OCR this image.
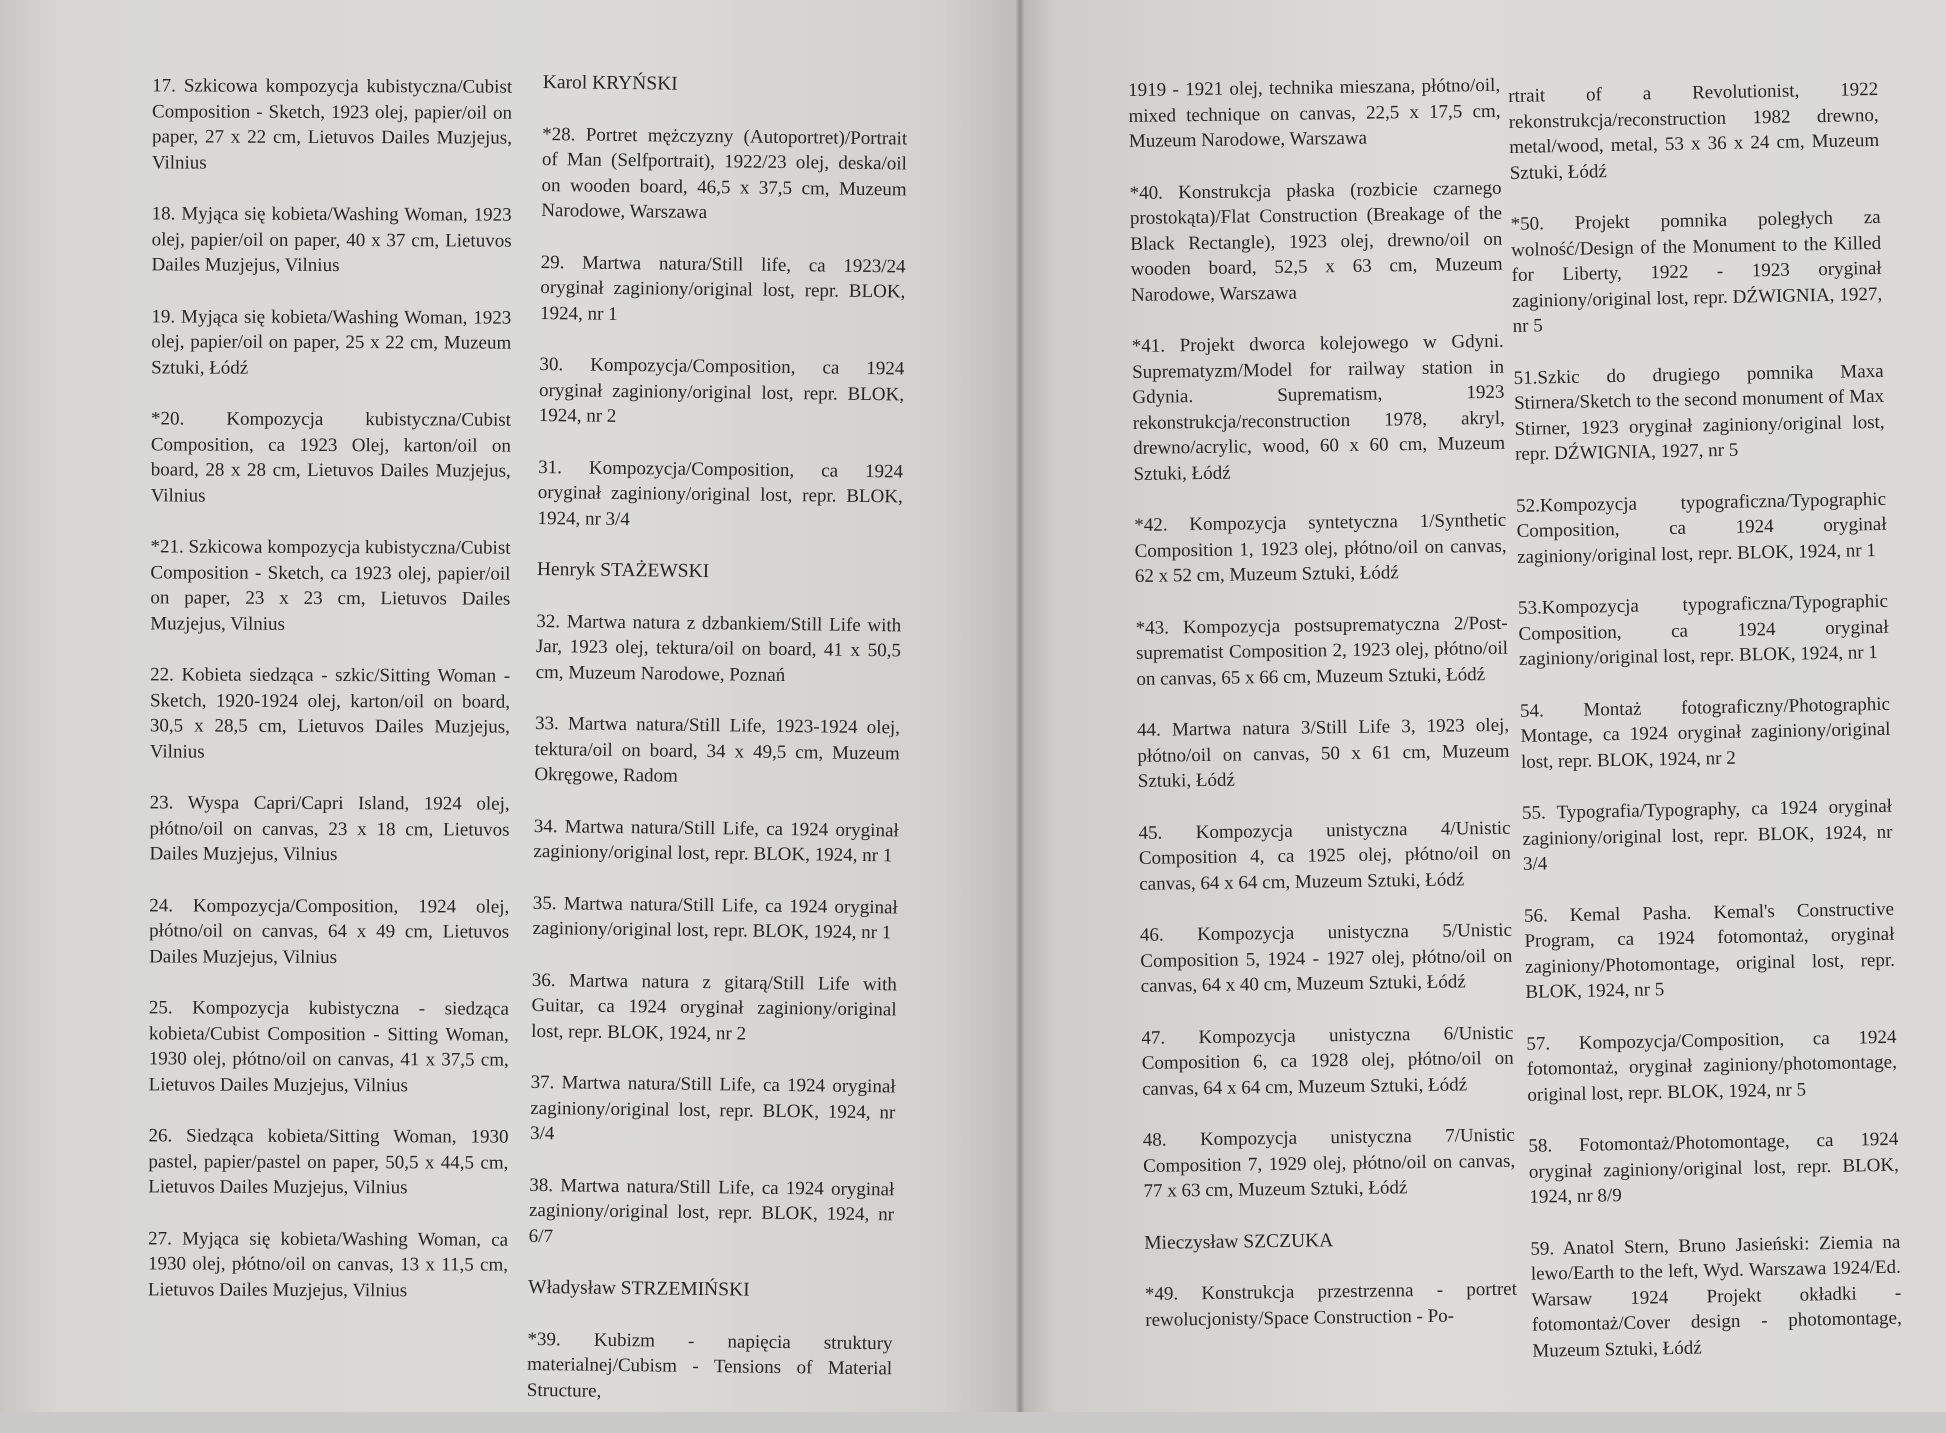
17. Szkicowa kompozycja kubistyczna/Cubist Composition - Sketch, 1923 olej, papier/oil on paper, 27 x 22 cm, Lietuvos Dailes Muzjejus, Vilnius
18. Myjąca się kobieta/Washing Woman, 1923 olej, papier/oil on paper, 40 x 37 cm, Lietuvos Dailes Muzjejus, Vilnius
19. Myjąca się kobieta/Washing Woman, 1923 olej, papier/oil on paper, 25 x 22 cm, Muzeum Sztuki, Łódź
*20. Kompozycja kubistyczna/Cubist Composition, ca 1923 Olej, karton/oil on board, 28 x 28 cm, Lietuvos Dailes Muzjejus, Vilnius
*21. Szkicowa kompozycja kubistyczna/Cubist Composition - Sketch, ca 1923 olej, papier/oil on paper, 23 x 23 cm, Lietuvos Dailes Muzjejus, Vilnius
22. Kobieta siedząca - szkic/Sitting Woman - Sketch, 1920-1924 olej, karton/oil on board, 30,5 x 28,5 cm, Lietuvos Dailes Muzjejus, Vilnius
23. Wyspa Capri/Capri Island, 1924 olej, płótno/oil on canvas, 23 x 18 cm, Lietuvos Dailes Muzjejus, Vilnius
24. Kompozycja/Composition, 1924 olej, płótno/oil on canvas, 64 x 49 cm, Lietuvos Dailes Muzjejus, Vilnius
25. Kompozycja kubistyczna - siedząca kobieta/Cubist Composition - Sitting Woman, 1930 olej, płótno/oil on canvas, 41 x 37,5 cm, Lietuvos Dailes Muzjejus, Vilnius
26. Siedząca kobieta/Sitting Woman, 1930 pastel, papier/pastel on paper, 50,5 x 44,5 cm, Lietuvos Dailes Muzjejus, Vilnius
27. Myjąca się kobieta/Washing Woman, ca 1930 olej, płótno/oil on canvas, 13 x 11,5 cm, Lietuvos Dailes Muzjejus, Vilnius
Karol KRYŃSKI
*28. Portret mężczyzny (Autoportret)/Portrait of Man (Selfportrait), 1922/23 olej, deska/oil on wooden board, 46,5 x 37,5 cm, Muzeum Narodowe, Warszawa
29. Martwa natura/Still life, ca 1923/24 oryginał zaginiony/original lost, repr. BLOK, 1924, nr 1
30. Kompozycja/Composition, ca 1924 oryginał zaginiony/original lost, repr. BLOK, 1924, nr 2
31. Kompozycja/Composition, ca 1924 oryginał zaginiony/original lost, repr. BLOK, 1924, nr 3/4
Henryk STAŻEWSKI
32. Martwa natura z dzbankiem/Still Life with Jar, 1923 olej, tektura/oil on board, 41 x 50,5 cm, Muzeum Narodowe, Poznań
33. Martwa natura/Still Life, 1923-1924 olej, tektura/oil on board, 34 x 49,5 cm, Muzeum Okręgowe, Radom
34. Martwa natura/Still Life, ca 1924 oryginał zaginiony/original lost, repr. BLOK, 1924, nr 1
35. Martwa natura/Still Life, ca 1924 oryginał zaginiony/original lost, repr. BLOK, 1924, nr 1
36. Martwa natura z gitarą/Still Life with Guitar, ca 1924 oryginał zaginiony/original lost, repr. BLOK, 1924, nr 2
37. Martwa natura/Still Life, ca 1924 oryginał zaginiony/original lost, repr. BLOK, 1924, nr 3/4
38. Martwa natura/Still Life, ca 1924 oryginał zaginiony/original lost, repr. BLOK, 1924, nr 6/7
Władysław STRZEMIŃSKI
*39. Kubizm - napięcia struktury materialnej/Cubism - Tensions of Material Structure,
1919 - 1921 olej, technika mieszana, płótno/oil, mixed technique on canvas, 22,5 x 17,5 cm, Muzeum Narodowe, Warszawa
*40. Konstrukcja płaska (rozbicie czarnego prostokąta)/Flat Construction (Breakage of the Black Rectangle), 1923 olej, drewno/oil on wooden board, 52,5 x 63 cm, Muzeum Narodowe, Warszawa
*41. Projekt dworca kolejowego w Gdyni. Suprematyzm/Model for railway station in Gdynia. Suprematism, 1923 rekonstrukcja/reconstruction 1978, akryl, drewno/acrylic, wood, 60 x 60 cm, Muzeum Sztuki, Łódź
*42. Kompozycja syntetyczna 1/Synthetic Composition 1, 1923 olej, płótno/oil on canvas, 62 x 52 cm, Muzeum Sztuki, Łódź
*43. Kompozycja postsuprematyczna 2/Post-suprematist Composition 2, 1923 olej, płótno/oil on canvas, 65 x 66 cm, Muzeum Sztuki, Łódź
44. Martwa natura 3/Still Life 3, 1923 olej, płótno/oil on canvas, 50 x 61 cm, Muzeum Sztuki, Łódź
45. Kompozycja unistyczna 4/Unistic Composition 4, ca 1925 olej, płótno/oil on canvas, 64 x 64 cm, Muzeum Sztuki, Łódź
46. Kompozycja unistyczna 5/Unistic Composition 5, 1924 - 1927 olej, płótno/oil on canvas, 64 x 40 cm, Muzeum Sztuki, Łódź
47. Kompozycja unistyczna 6/Unistic Composition 6, ca 1928 olej, płótno/oil on canvas, 64 x 64 cm, Muzeum Sztuki, Łódź
48. Kompozycja unistyczna 7/Unistic Composition 7, 1929 olej, płótno/oil on canvas, 77 x 63 cm, Muzeum Sztuki, Łódź
Mieczysław SZCZUKA
*49. Konstrukcja przestrzenna - portret rewolucjonisty/Space Construction - Po-
rtrait of a Revolutionist, 1922 rekonstrukcja/reconstruction 1982 drewno, metal/wood, metal, 53 x 36 x 24 cm, Muzeum Sztuki, Łódź
*50. Projekt pomnika poległych za wolność/Design of the Monument to the Killed for Liberty, 1922 - 1923 oryginał zaginiony/original lost, repr. DŹWIGNIA, 1927, nr 5
51.Szkic do drugiego pomnika Maxa Stirnera/Sketch to the second monument of Max Stirner, 1923 oryginał zaginiony/original lost, repr. DŹWIGNIA, 1927, nr 5
52.Kompozycja typograficzna/Typographic Composition, ca 1924 oryginał zaginiony/original lost, repr. BLOK, 1924, nr 1
53.Kompozycja typograficzna/Typographic Composition, ca 1924 oryginał zaginiony/original lost, repr. BLOK, 1924, nr 1
54. Montaż fotograficzny/Photographic Montage, ca 1924 oryginał zaginiony/original lost, repr. BLOK, 1924, nr 2
55. Typografia/Typography, ca 1924 oryginał zaginiony/original lost, repr. BLOK, 1924, nr 3/4
56. Kemal Pasha. Kemal's Constructive Program, ca 1924 fotomontaż, oryginał zaginiony/Photomontage, original lost, repr. BLOK, 1924, nr 5
57. Kompozycja/Composition, ca 1924 fotomontaż, oryginał zaginiony/photomontage, original lost, repr. BLOK, 1924, nr 5
58. Fotomontaż/Photomontage, ca 1924 oryginał zaginiony/original lost, repr. BLOK, 1924, nr 8/9
59. Anatol Stern, Bruno Jasieński: Ziemia na lewo/Earth to the left, Wyd. Warszawa 1924/Ed. Warsaw 1924 Projekt okładki - fotomontaż/Cover design - photomontage, Muzeum Sztuki, Łódź
